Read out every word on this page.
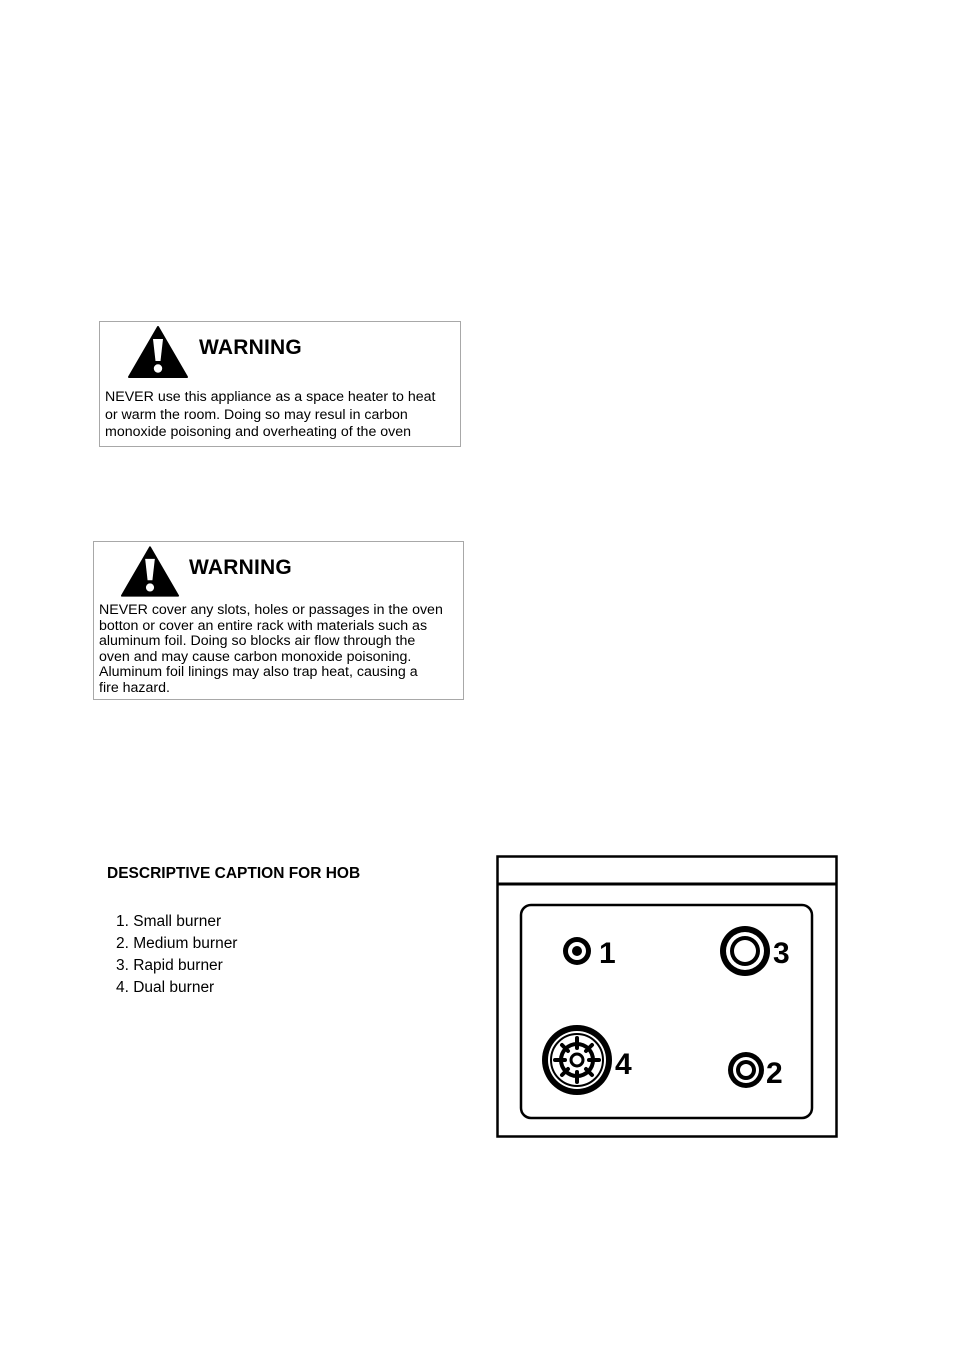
WARNING
NEVER use this appliance as a space heater to heat
or warm the room. Doing so may resul in carbon
monoxide poisoning and overheating of the oven
WARNING
NEVER cover any slots, holes or passages in the oven
botton or cover an entire rack with materials such as
aluminum foil. Doing so blocks air flow through the
oven and may cause carbon monoxide poisoning.
Aluminum foil linings may also trap heat, causing a
fire hazard.
DESCRIPTIVE CAPTION FOR HOB
1. Small burner
2. Medium burner
3. Rapid burner
4. Dual burner
1	3
4	2
